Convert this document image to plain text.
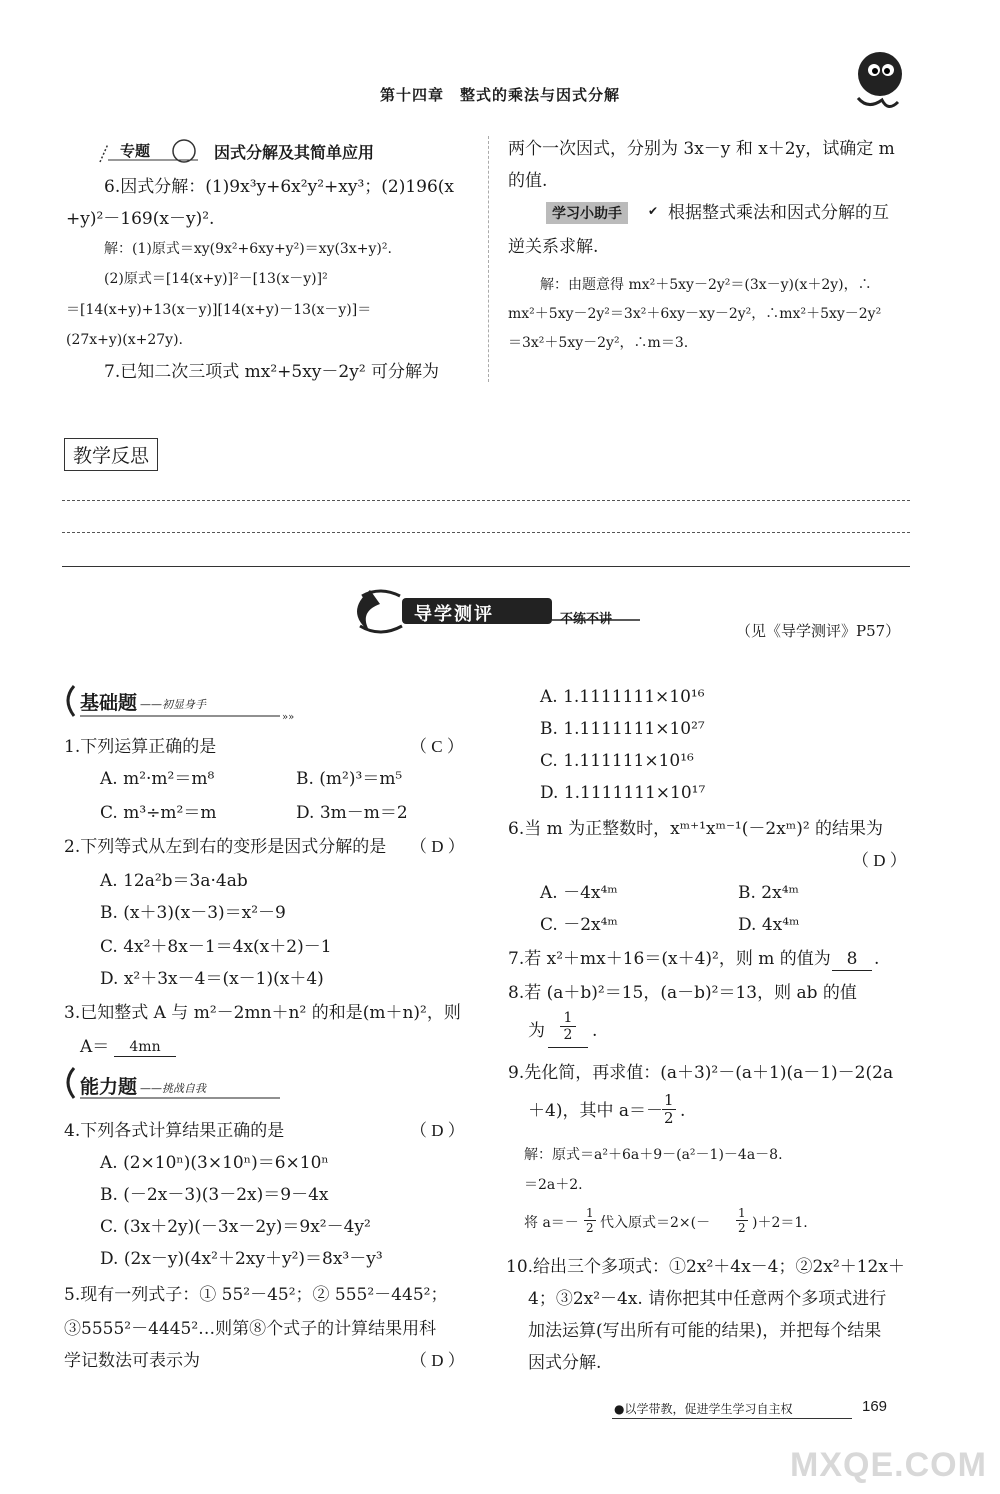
第十四章　整式的乘法与因式分解
专题	因式分解及其简单应用
6.因式分解：(1)9x³y+6x²y²+xy³；(2)196(x
+y)²－169(x－y)².
解：(1)原式＝xy(9x²+6xy+y²)＝xy(3x+y)².
(2)原式＝[14(x+y)]²－[13(x－y)]²
＝[14(x+y)+13(x－y)][14(x+y)－13(x－y)]＝
(27x+y)(x+27y).
7.已知二次三项式 mx²+5xy－2y² 可分解为
两个一次因式，分别为 3x－y 和 x＋2y，试确定 m
的值.
学习小助手	✔ 根据整式乘法和因式分解的互
逆关系求解.
解：由题意得 mx²＋5xy－2y²＝(3x－y)(x＋2y)，∴
mx²＋5xy－2y²＝3x²＋6xy－xy－2y²，∴mx²＋5xy－2y²
＝3x²＋5xy－2y²，∴m＝3.
教学反思
导学测评	不练不讲
（见《导学测评》P57）
»»
基础题 ——初显身手
1.下列运算正确的是	（ C ）
A. m²·m²＝m⁸	B. (m²)³＝m⁵
C. m³÷m²＝m	D. 3m－m＝2
2.下列等式从左到右的变形是因式分解的是 （ D ）
A. 12a²b＝3a·4ab
B. (x＋3)(x－3)＝x²－9
C. 4x²＋8x－1＝4x(x＋2)－1
D. x²＋3x－4＝(x－1)(x＋4)
3.已知整式 A 与 m²－2mn＋n² 的和是(m＋n)²，则
A＝	4mn
能力题 ——挑战自我
4.下列各式计算结果正确的是	（ D ）
A. (2×10ⁿ)(3×10ⁿ)＝6×10ⁿ
B. (－2x－3)(3－2x)＝9－4x
C. (3x＋2y)(－3x－2y)＝9x²－4y²
D. (2x－y)(4x²＋2xy＋y²)＝8x³－y³
5.现有一列式子：① 55²－45²；② 555²－445²；
③5555²－4445²…则第⑧个式子的计算结果用科
学记数法可表示为	（ D ）
A. 1.1111111×10¹⁶
B. 1.1111111×10²⁷
C. 1.111111×10¹⁶
D. 1.1111111×10¹⁷
6.当 m 为正整数时，xᵐ⁺¹xᵐ⁻¹(－2xᵐ)² 的结果为
（ D ）
A. －4x⁴ᵐ	B. 2x⁴ᵐ
C. －2x⁴ᵐ	D. 4x⁴ᵐ
7.若 x²＋mx＋16＝(x＋4)²，则 m 的值为 8 .
8.若 (a＋b)²＝15，(a－b)²＝13，则 ab 的值
为 $\frac{1}{2}$ .
9.先化简，再求值：(a＋3)²－(a＋1)(a－1)－2(2a
＋4)，其中 $a=- \frac{1}{2}$ .
解：原式＝a²＋6a＋9－(a²－1)－4a－8.
＝2a＋2.
将 $a=- \frac{1}{2}$ 代入原式$=2\times(- \frac{1}{2} )+2=1$.
10.给出三个多项式：①2x²＋4x－4；②2x²＋12x＋
4；③2x²－4x. 请你把其中任意两个多项式进行
加法运算(写出所有可能的结果)，并把每个结果
因式分解.
●以学带教，促进学生学习自主权	169
MXQE.COM
